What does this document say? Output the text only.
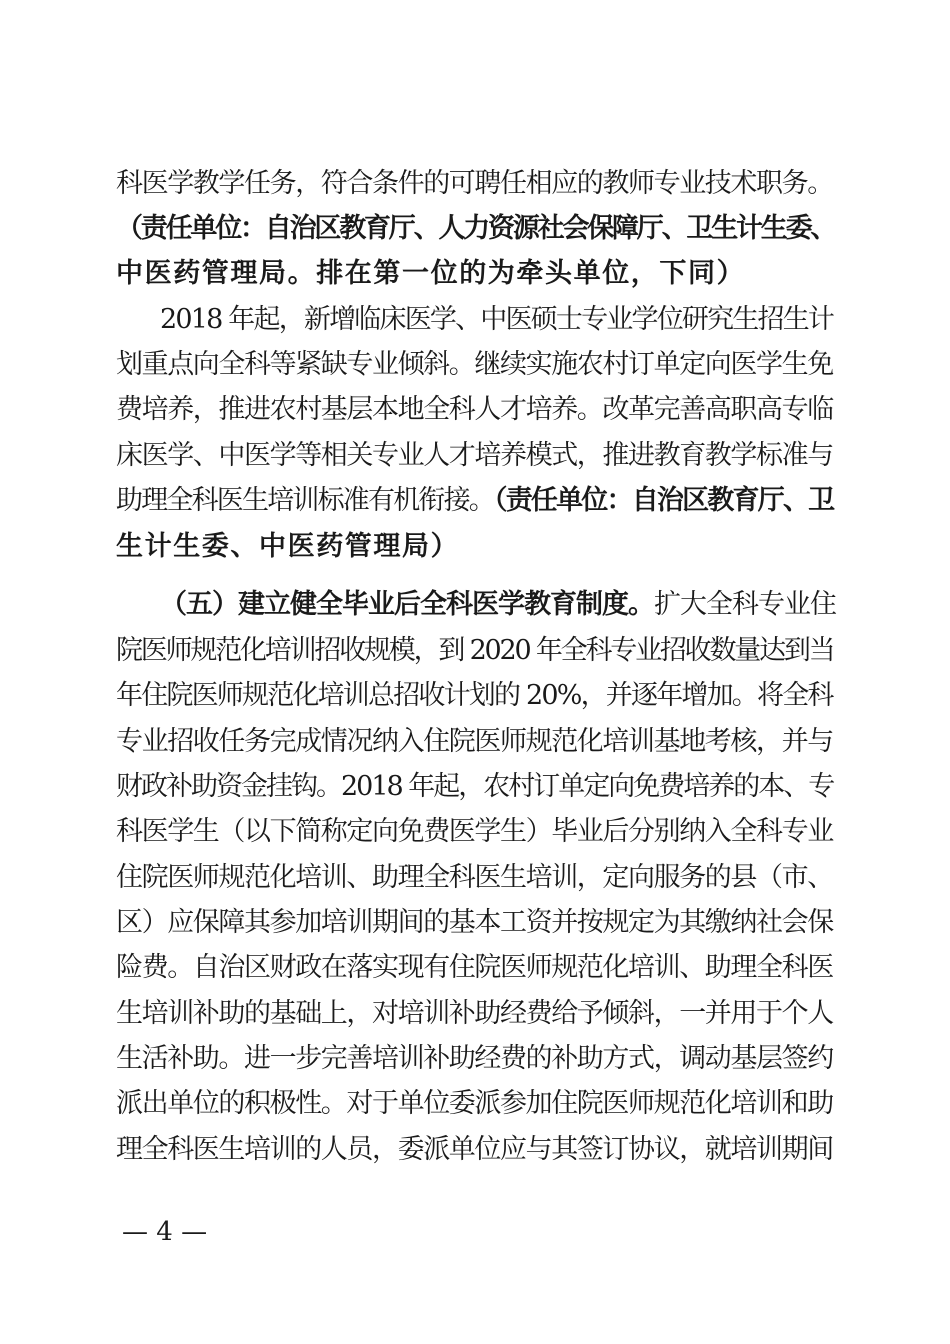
科医学教学任务，符合条件的可聘任相应的教师专业技术职务。
（责任单位：自治区教育厅、人力资源社会保障厅、卫生计生委、
中医药管理局。排在第一位的为牵头单位，下同）
2018 年起，新增临床医学、中医硕士专业学位研究生招生计
划重点向全科等紧缺专业倾斜。继续实施农村订单定向医学生免
费培养，推进农村基层本地全科人才培养。改革完善高职高专临
床医学、中医学等相关专业人才培养模式，推进教育教学标准与
助理全科医生培训标准有机衔接。（责任单位：自治区教育厅、卫
生计生委、中医药管理局）
（五）建立健全毕业后全科医学教育制度。扩大全科专业住
院医师规范化培训招收规模，到 2020 年全科专业招收数量达到当
年住院医师规范化培训总招收计划的 20%，并逐年增加。将全科
专业招收任务完成情况纳入住院医师规范化培训基地考核，并与
财政补助资金挂钩。2018 年起，农村订单定向免费培养的本、专
科医学生（以下简称定向免费医学生）毕业后分别纳入全科专业
住院医师规范化培训、助理全科医生培训，定向服务的县（市、
区）应保障其参加培训期间的基本工资并按规定为其缴纳社会保
险费。自治区财政在落实现有住院医师规范化培训、助理全科医
生培训补助的基础上，对培训补助经费给予倾斜，一并用于个人
生活补助。进一步完善培训补助经费的补助方式，调动基层签约
派出单位的积极性。对于单位委派参加住院医师规范化培训和助
理全科医生培训的人员，委派单位应与其签订协议，就培训期间
— 4 —
